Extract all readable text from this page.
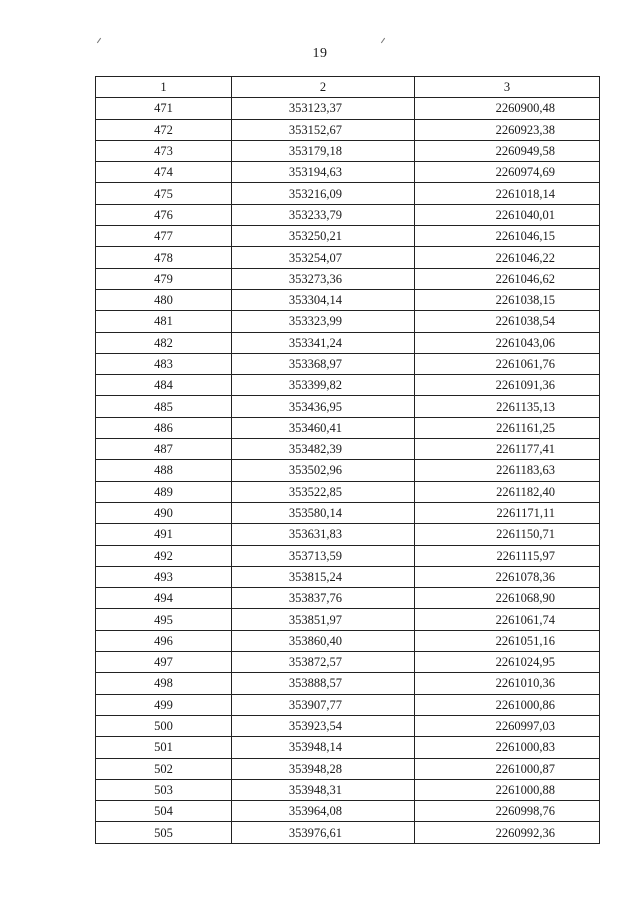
19
1	2	3
471	353123,37	2260900,48
472	353152,67	2260923,38
473	353179,18	2260949,58
474	353194,63	2260974,69
475	353216,09	2261018,14
476	353233,79	2261040,01
477	353250,21	2261046,15
478	353254,07	2261046,22
479	353273,36	2261046,62
480	353304,14	2261038,15
481	353323,99	2261038,54
482	353341,24	2261043,06
483	353368,97	2261061,76
484	353399,82	2261091,36
485	353436,95	2261135,13
486	353460,41	2261161,25
487	353482,39	2261177,41
488	353502,96	2261183,63
489	353522,85	2261182,40
490	353580,14	2261171,11
491	353631,83	2261150,71
492	353713,59	2261115,97
493	353815,24	2261078,36
494	353837,76	2261068,90
495	353851,97	2261061,74
496	353860,40	2261051,16
497	353872,57	2261024,95
498	353888,57	2261010,36
499	353907,77	2261000,86
500	353923,54	2260997,03
501	353948,14	2261000,83
502	353948,28	2261000,87
503	353948,31	2261000,88
504	353964,08	2260998,76
505	353976,61	2260992,36
